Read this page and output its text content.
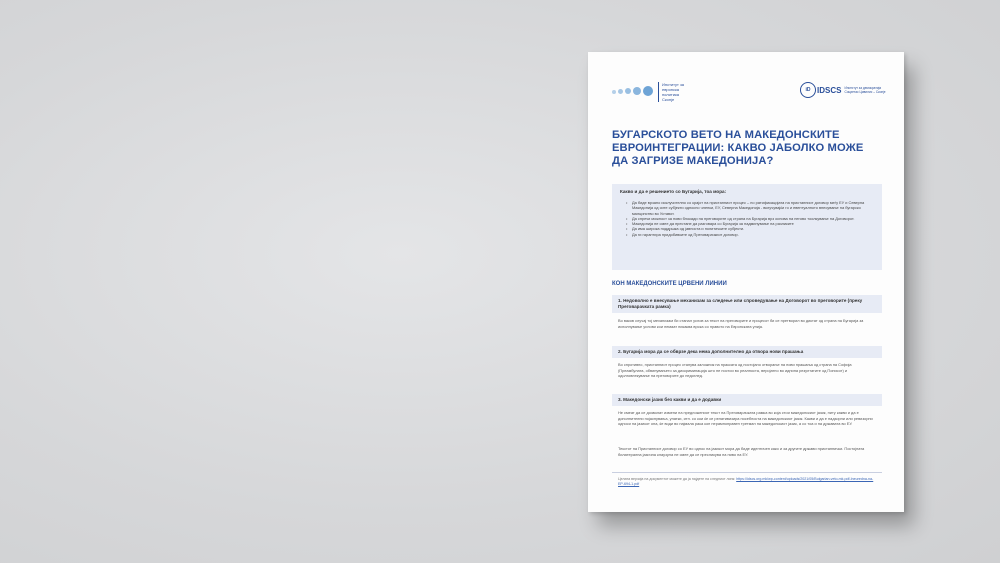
Институт за европска политика Скопје
iD IDSCS Институт за демократија Социетас Цивилис – Скопје
БУГАРСКОТО ВЕТО НА МАКЕДОНСКИТЕ ЕВРОИНТЕГРАЦИИ: КАКВО ЈАБОЛКО МОЖЕ ДА ЗАГРИЗЕ МАКЕДОНИЈА?
Какво и да е решението со Бугарија, тоа мора:
• Да биде врзано исклучително со крајот на пристапниот процес – по ратификацијата на пристапниот договор меѓу ЕУ и Северна Македонија од сите субјекти односно членки, ЕУ, Северна Македонија - вклучувајќи го и евентуалното внесување на бугарско малцинство во Уставот.
• Да спречи можност за нови блокади на преговорите од страна на Бугарија врз основа на негово тоолкување на Договорот.
• Македонија не смее да престане да разговара со Бугарија за надминување на разликите
• Да има широка поддршка од јавноста и политичките субјекти.
• Да ги гарантира придобивките од Преговарачкиот договор.
КОН МАКЕДОНСКИТЕ ЦРВЕНИ ЛИНИИ
1. Недоволно е внесување механизам за следење или спроведување на Договорот во преговорите (преку Преговарачката рамка)
Во ваков случај тој механизам би станал услов за текот на преговорите и процесот би се претворил во диктат од страна на Бугарија за исполнување услови кои немаат никаква врска со правото на Европската унија.
2. Бугарија мора да се обврзе дека нема дополнително да отвора нови прашања
Во спротивно, пристапниот процес станува заложник на праксата од постојано отворање на нови прашања од страна на Софија (Преамбулата, обвинувањето за дискриминација што не постои во реалноста, веројатно во иднина резултатите од Пописот) и одолговлекување на преговорите до недоглед.
3. Македонски јазик без какви и да е додавки
Не смеат да се дозволат измени на предложениот текст на Преговарачката рамка во која стои македонскиот јазик, ниту какви и да е дополнителни појаснувања, упатки, итн. со кои ќе се релативизира посебноста на македонскиот јазик. Какви и да е надзорни или ревизорни односи на јазикот она, ќе води во најмала рака кон нерамноправен третман на македонскиот јазик, а со тоа и на државата во ЕУ.
Текстот на Пристапниот договор со ЕУ во однос на јазикот мора да биде идентичен како и за другите држави пристапнички. Постојната билатерална јазична клаузула не смее да се пресликува на ниво на ЕУ.
Целата верзија на документот можете да ја најдете на следниот линк: https://idscs.org.mk/wp-content/uploads/2021/05/Bulgarian-veto-mk.pdf-Ineuredna-na-EP-694-1.pdf
